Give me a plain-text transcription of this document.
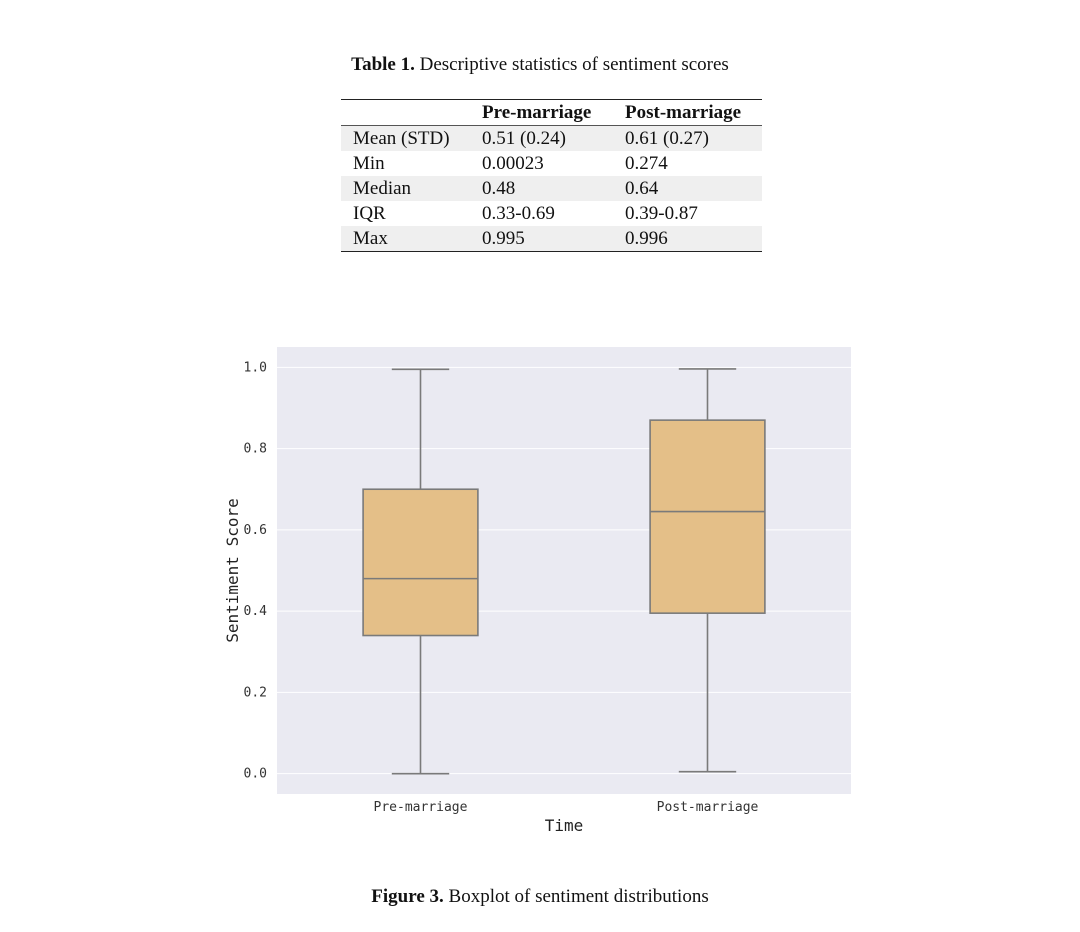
Table 1. Descriptive statistics of sentiment scores
	Pre-marriage	Post-marriage
Mean (STD)	0.51 (0.24)	0.61 (0.27)
Min	0.00023	0.274
Median	0.48	0.64
IQR	0.33-0.69	0.39-0.87
Max	0.995	0.996
0.0
0.2
0.4
0.6
0.8
1.0
Pre-marriage	Post-marriage
Time
Sentiment Score
Figure 3. Boxplot of sentiment distributions
